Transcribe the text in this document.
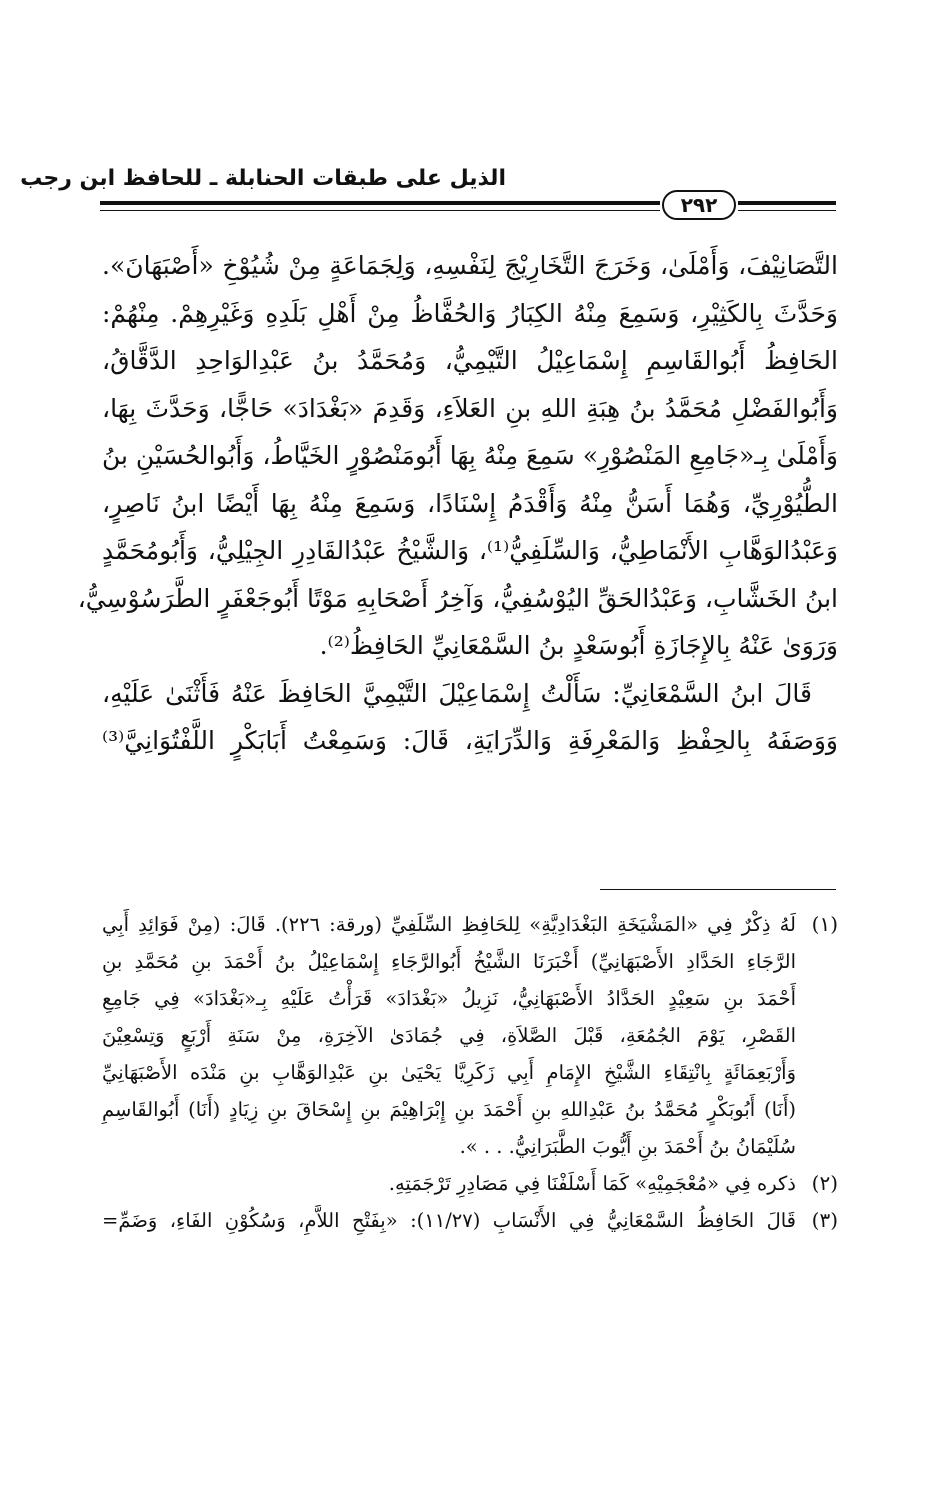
الذيل على طبقات الحنابلة ـ للحافظ ابن رجب
٢٩٢
التَّصَانِيْفَ، وَأَمْلَىٰ، وَخَرَجَ التَّخَارِيْجَ لِنَفْسِهِ، وَلِجَمَاعَةٍ مِنْ شُيُوْخِ «أَصْبَهَانَ».
وَحَدَّثَ بِالكَثِيْرِ، وَسَمِعَ مِنْهُ الكِبَارُ وَالحُفَّاظُ مِنْ أَهْلِ بَلَدِهِ وَغَيْرِهِمْ. مِنْهُمْ:
الحَافِظُ أَبُوالقَاسِمِ إِسْمَاعِيْلُ التَّيْمِيُّ، وَمُحَمَّدُ بنُ عَبْدِالوَاحِدِ الدَّقَّاقُ،
وَأَبُوالفَضْلِ مُحَمَّدُ بنُ هِبَةِ اللهِ بنِ العَلاَءِ، وَقَدِمَ «بَغْدَادَ» حَاجًّا، وَحَدَّثَ بِهَا،
وَأَمْلَىٰ بِـ«جَامِعِ المَنْصُوْرِ» سَمِعَ مِنْهُ بِهَا أَبُومَنْصُوْرٍ الخَيَّاطُ، وَأَبُوالحُسَيْنِ بنُ
الطُّيُوْرِيِّ، وَهُمَا أَسَنُّ مِنْهُ وَأَقْدَمُ إِسْنَادًا، وَسَمِعَ مِنْهُ بِهَا أَيْضًا ابنُ نَاصِرٍ،
وَعَبْدُالوَهَّابِ الأَنْمَاطِيُّ، وَالسِّلَفِيُّ⁽¹⁾، وَالشَّيْخُ عَبْدُالقَادِرِ الجِيْلِيُّ، وَأَبُومُحَمَّدٍ
ابنُ الخَشَّابِ، وَعَبْدُالحَقِّ اليُوْسُفِيُّ، وَآخِرُ أَصْحَابِهِ مَوْتًا أَبُوجَعْفَرٍ الطَّرَسُوْسِيُّ،
وَرَوَىٰ عَنْهُ بِالإِجَازَةِ أَبُوسَعْدٍ بنُ السَّمْعَانِيِّ الحَافِظُ⁽²⁾.
قَالَ ابنُ السَّمْعَانِيِّ: سَأَلْتُ إِسْمَاعِيْلَ التَّيْمِيَّ الحَافِظَ عَنْهُ فَأَثْنَىٰ عَلَيْهِ،
وَوَصَفَهُ بِالحِفْظِ وَالمَعْرِفَةِ وَالدِّرَايَةِ، قَالَ: وَسَمِعْتُ أَبَابَكْرٍ اللَّفْتُوَانِيَّ⁽³⁾
(١)
لَهُ ذِكْرٌ فِي «المَشْيَخَةِ البَغْدَادِيَّةِ» لِلحَافِظِ السِّلَفِيِّ (ورقة: ٢٢٦). قَالَ: (مِنْ فَوَائِدِ أَبِي
الرَّجَاءِ الحَدَّادِ الأَصْبَهَانِيِّ) أَخْبَرَنَا الشَّيْخُ أَبُوالرَّجَاءِ إِسْمَاعِيْلُ بنُ أَحْمَدَ بنِ مُحَمَّدِ بنِ
أَحْمَدَ بنِ سَعِيْدٍ الحَدَّادُ الأَصْبَهَانِيُّ، نَزِيلُ «بَغْدَادَ» قَرَأْتُ عَلَيْهِ بِـ«بَغْدَادَ» فِي جَامِعِ
القَصْرِ، يَوْمَ الجُمُعَةِ، قَبْلَ الصَّلاَةِ، فِي جُمَادَىٰ الآخِرَةِ، مِنْ سَنَةِ أَرْبَعٍ وَتِسْعِيْنَ
وَأَرْبَعِمَائَةٍ بِانْتِقَاءِ الشَّيْخِ الإِمَامِ أَبِي زَكَرِيَّا يَحْيَىٰ بنِ عَبْدِالوَهَّابِ بنِ مَنْدَه الأَصْبَهَانِيِّ
(أَنَا) أَبُوبَكْرٍ مُحَمَّدُ بنُ عَبْدِاللهِ بنِ أَحْمَدَ بنِ إِبْرَاهِيْمَ بنِ إِسْحَاقَ بنِ زِيَادٍ (أَنَا) أَبُوالقَاسِمِ
سُلَيْمَانُ بنُ أَحْمَدَ بنِ أَيُّوبَ الطَّبَرَانِيُّ. . . ».
(٢)
ذكره فِي «مُعْجَمِيْهِ» كَمَا أَسْلَفْنَا فِي مَصَادِرِ تَرْجَمَتِهِ.
(٣)
قَالَ الحَافِظُ السَّمْعَانِيُّ فِي الأَنْسَابِ (١١/٢٧): «بِفَتْحِ اللاَّمِ، وَسُكُوْنِ الفَاءِ، وَضَمِّ=
